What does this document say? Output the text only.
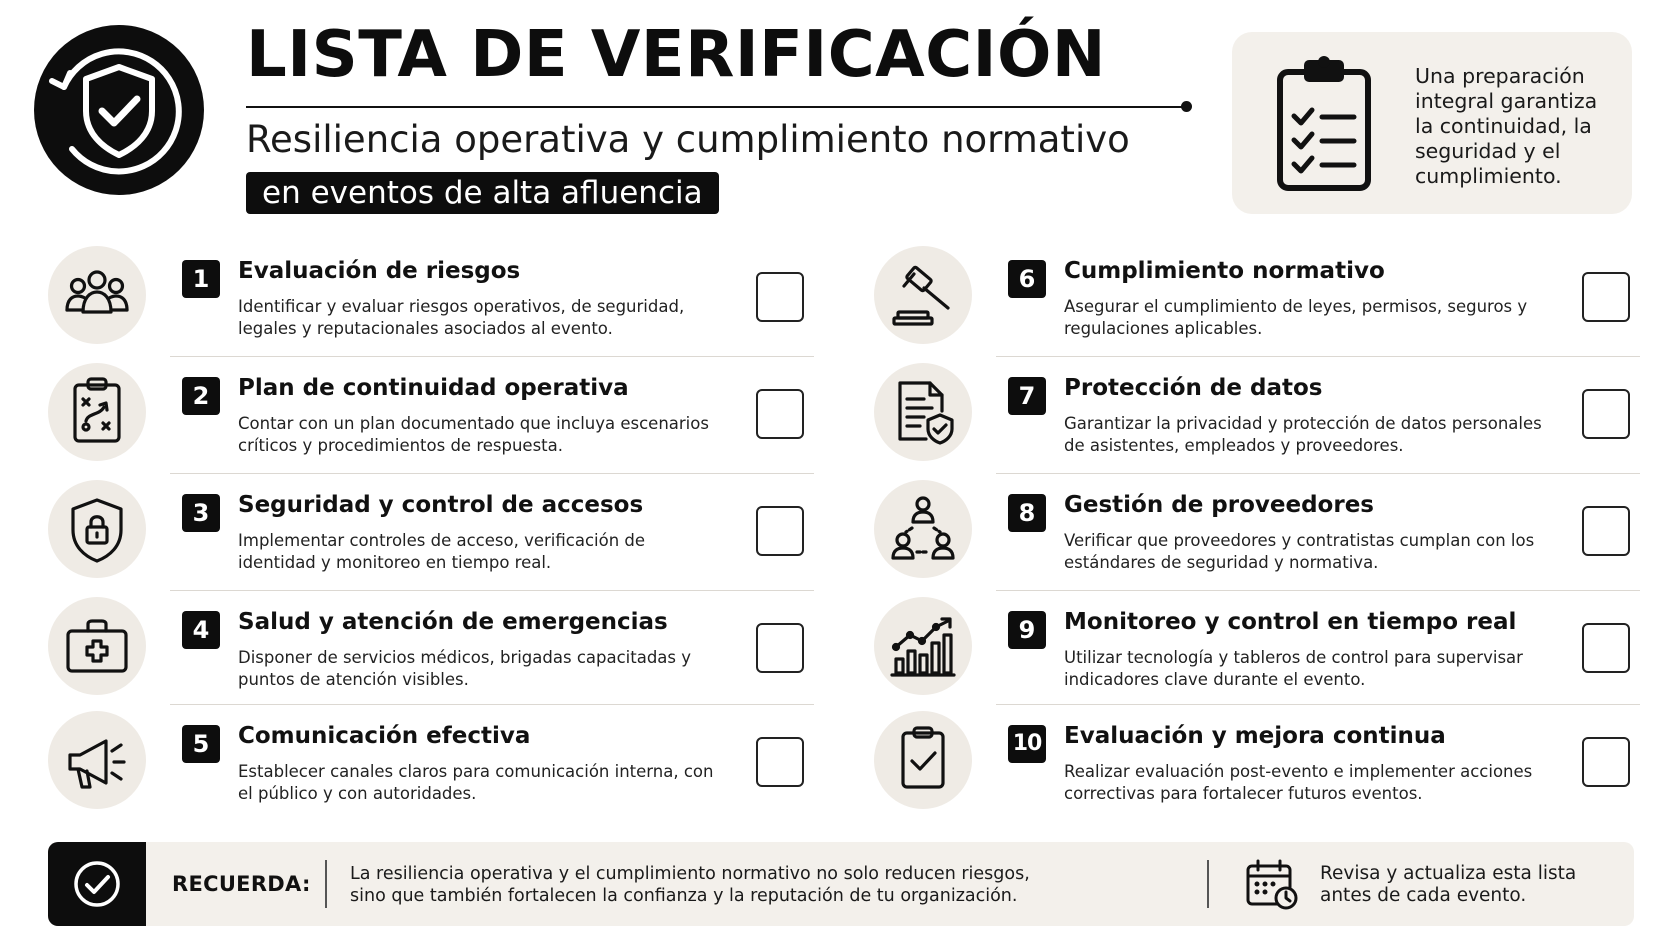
LISTA DE VERIFICACIÓN
Resiliencia operativa y cumplimiento normativo
en eventos de alta afluencia
Una preparación integral garantiza la continuidad, la seguridad y el cumplimiento.
1	Evaluación de riesgos
Identificar y evaluar riesgos operativos, de seguridad, legales y reputacionales asociados al evento.
2	Plan de continuidad operativa
Contar con un plan documentado que incluya escenarios críticos y procedimientos de respuesta.
3	Seguridad y control de accesos
Implementar controles de acceso, verificación de identidad y monitoreo en tiempo real.
4	Salud y atención de emergencias
Disponer de servicios médicos, brigadas capacitadas y puntos de atención visibles.
5	Comunicación efectiva
Establecer canales claros para comunicación interna, con el público y con autoridades.
6	Cumplimiento normativo
Asegurar el cumplimiento de leyes, permisos, seguros y regulaciones aplicables.
7	Protección de datos
Garantizar la privacidad y protección de datos personales de asistentes, empleados y proveedores.
8	Gestión de proveedores
Verificar que proveedores y contratistas cumplan con los estándares de seguridad y normativa.
9	Monitoreo y control en tiempo real
Utilizar tecnología y tableros de control para supervisar indicadores clave durante el evento.
10 Evaluación y mejora continua
Realizar evaluación post-evento e implementer acciones correctivas para fortalecer futuros eventos.
RECUERDA: La resiliencia operativa y el cumplimiento normativo no solo reducen riesgos, sino que también fortalecen la confianza y la reputación de tu organización.
Revisa y actualiza esta lista antes de cada evento.
